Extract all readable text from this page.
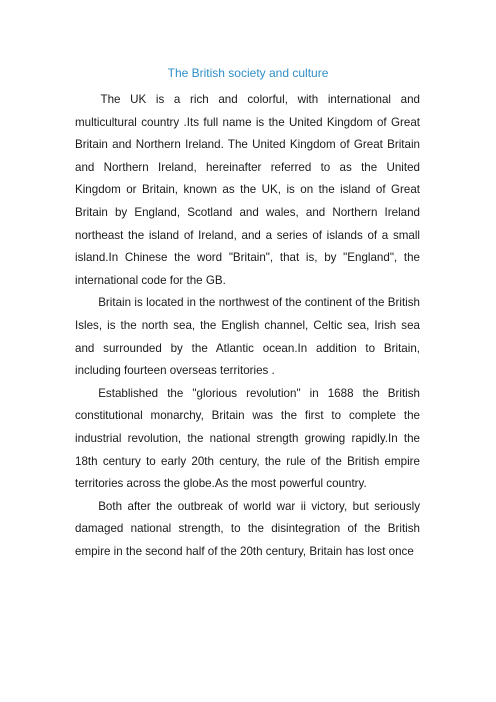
The British society and culture

The UK is a rich and colorful, with international and multicultural country .Its full name is the United Kingdom of Great Britain and Northern Ireland. The United Kingdom of Great Britain and Northern Ireland, hereinafter referred to as the United Kingdom or Britain, known as the UK, is on the island of Great Britain by England, Scotland and wales, and Northern Ireland northeast the island of Ireland, and a series of islands of a small island.In Chinese the word "Britain", that is, by "England", the international code for the GB.

Britain is located in the northwest of the continent of the British Isles, is the north sea, the English channel, Celtic sea, Irish sea and surrounded by the Atlantic ocean.In addition to Britain, including fourteen overseas territories .

Established the "glorious revolution" in 1688 the British constitutional monarchy, Britain was the first to complete the industrial revolution, the national strength growing rapidly.In the 18th century to early 20th century, the rule of the British empire territories across the globe.As the most powerful country.

Both after the outbreak of world war ii victory, but seriously damaged national strength, to the disintegration of the British empire in the second half of the 20th century, Britain has lost once
